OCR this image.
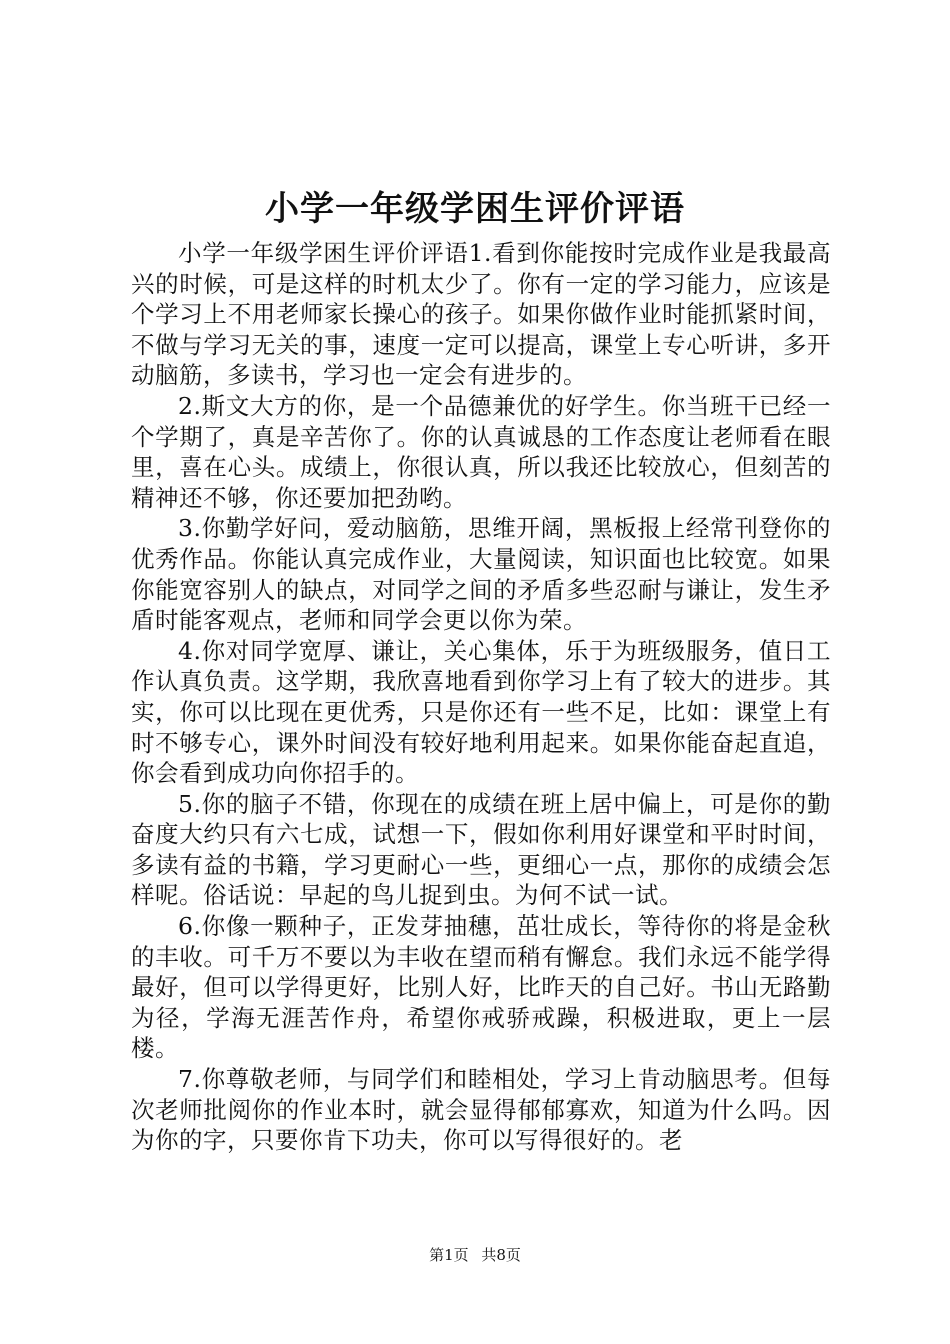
小学一年级学困生评价评语

小学一年级学困生评价评语1.看到你能按时完成作业是我最高兴的时候，可是这样的时机太少了。你有一定的学习能力，应该是个学习上不用老师家长操心的孩子。如果你做作业时能抓紧时间，不做与学习无关的事，速度一定可以提高，课堂上专心听讲，多开动脑筋，多读书，学习也一定会有进步的。

2.斯文大方的你，是一个品德兼优的好学生。你当班干已经一个学期了，真是辛苦你了。你的认真诚恳的工作态度让老师看在眼里，喜在心头。成绩上，你很认真，所以我还比较放心，但刻苦的精神还不够，你还要加把劲哟。

3.你勤学好问，爱动脑筋，思维开阔，黑板报上经常刊登你的优秀作品。你能认真完成作业，大量阅读，知识面也比较宽。如果你能宽容别人的缺点，对同学之间的矛盾多些忍耐与谦让，发生矛盾时能客观点，老师和同学会更以你为荣。

4.你对同学宽厚、谦让，关心集体，乐于为班级服务，值日工作认真负责。这学期，我欣喜地看到你学习上有了较大的进步。其实，你可以比现在更优秀，只是你还有一些不足，比如：课堂上有时不够专心，课外时间没有较好地利用起来。如果你能奋起直追，你会看到成功向你招手的。

5.你的脑子不错，你现在的成绩在班上居中偏上，可是你的勤奋度大约只有六七成，试想一下，假如你利用好课堂和平时时间，多读有益的书籍，学习更耐心一些，更细心一点，那你的成绩会怎样呢。俗话说：早起的鸟儿捉到虫。为何不试一试。

6.你像一颗种子，正发芽抽穗，茁壮成长，等待你的将是金秋的丰收。可千万不要以为丰收在望而稍有懈怠。我们永远不能学得最好，但可以学得更好，比别人好，比昨天的自己好。书山无路勤为径，学海无涯苦作舟，希望你戒骄戒躁，积极进取，更上一层楼。

7.你尊敬老师，与同学们和睦相处，学习上肯动脑思考。但每次老师批阅你的作业本时，就会显得郁郁寡欢，知道为什么吗。因为你的字，只要你肯下功夫，你可以写得很好的。老

第1页 共8页
